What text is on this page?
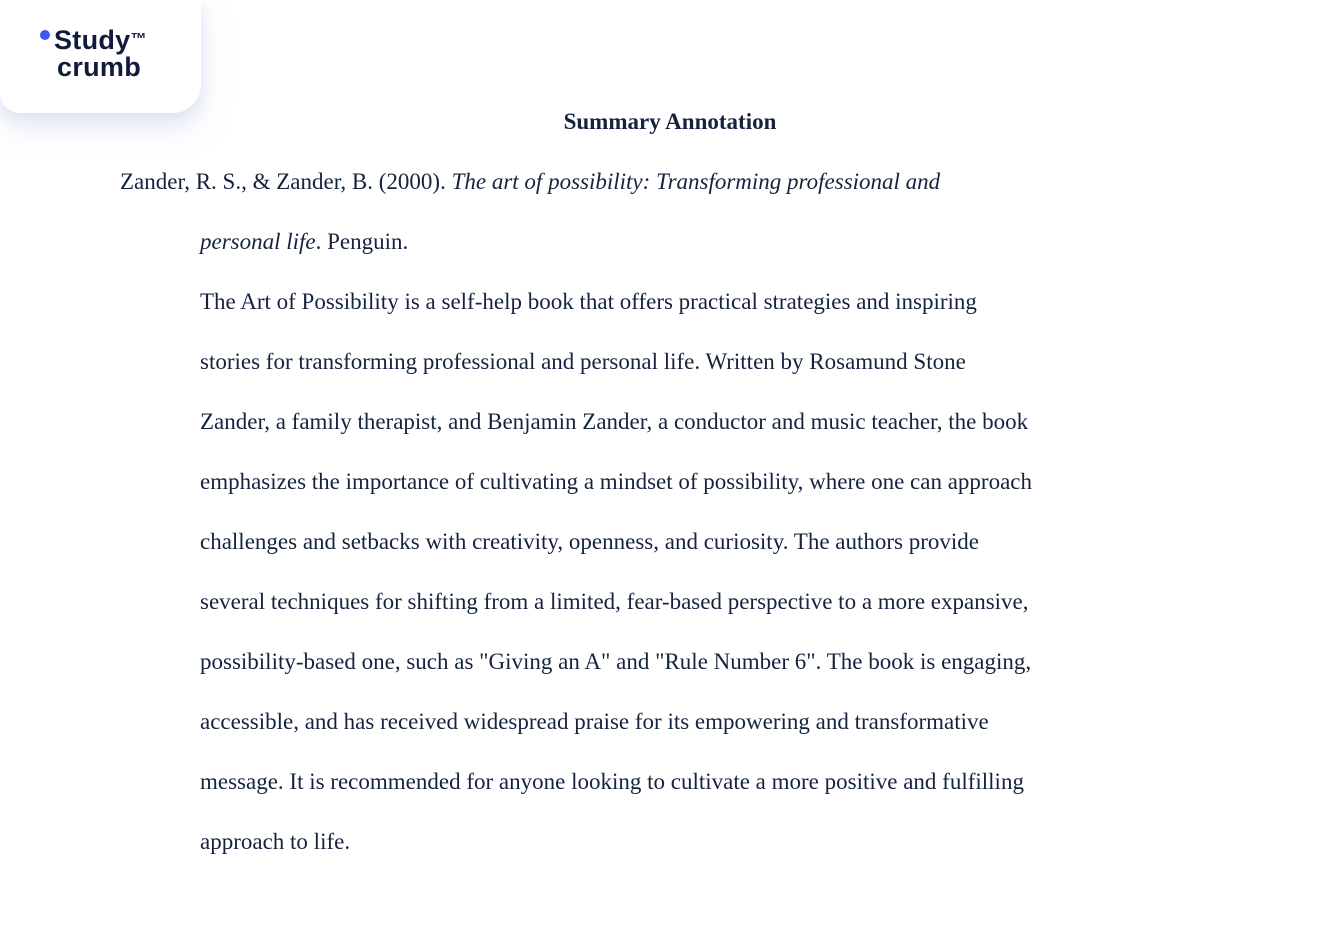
Study™
crumb
Summary Annotation
Zander, R. S., & Zander, B. (2000). The art of possibility: Transforming professional and
personal life. Penguin.
The Art of Possibility is a self-help book that offers practical strategies and inspiring
stories for transforming professional and personal life. Written by Rosamund Stone
Zander, a family therapist, and Benjamin Zander, a conductor and music teacher, the book
emphasizes the importance of cultivating a mindset of possibility, where one can approach
challenges and setbacks with creativity, openness, and curiosity. The authors provide
several techniques for shifting from a limited, fear-based perspective to a more expansive,
possibility-based one, such as "Giving an A" and "Rule Number 6". The book is engaging,
accessible, and has received widespread praise for its empowering and transformative
message. It is recommended for anyone looking to cultivate a more positive and fulfilling
approach to life.
